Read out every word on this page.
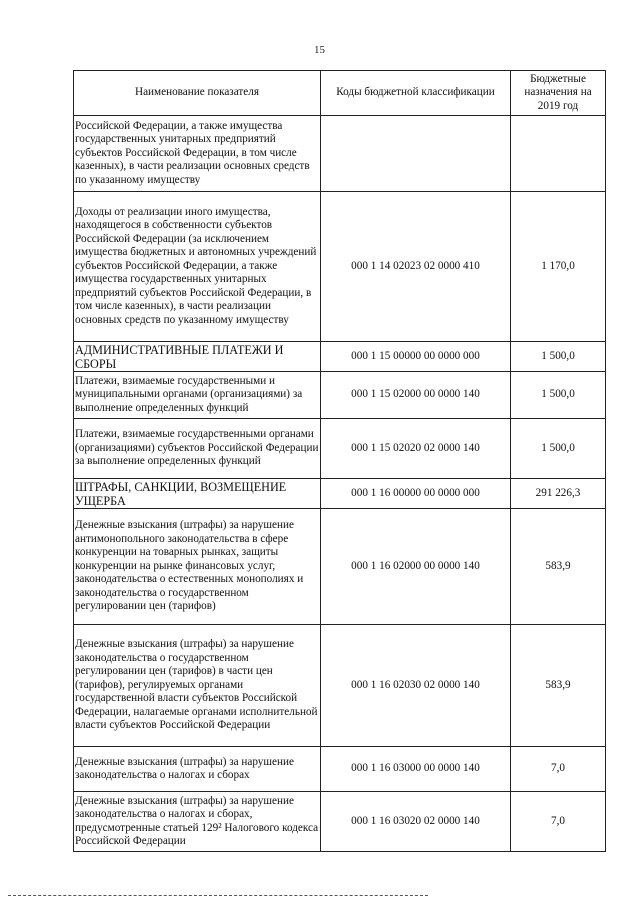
15
Наименование показателя	Коды бюджетной классификации	Бюджетные назначения на 2019 год
Российской Федерации, а также имущества государственных унитарных предприятий субъектов Российской Федерации, в том числе казенных), в части реализации основных средств по указанному имуществу		
Доходы от реализации иного имущества, находящегося в собственности субъектов Российской Федерации (за исключением имущества бюджетных и автономных учреждений субъектов Российской Федерации, а также имущества государственных унитарных предприятий субъектов Российской Федерации, в том числе казенных), в части реализации основных средств по указанному имуществу	000 1 14 02023 02 0000 410	1 170,0
АДМИНИСТРАТИВНЫЕ ПЛАТЕЖИ И СБОРЫ	000 1 15 00000 00 0000 000	1 500,0
Платежи, взимаемые государственными и муниципальными органами (организациями) за выполнение определенных функций	000 1 15 02000 00 0000 140	1 500,0
Платежи, взимаемые государственными органами (организациями) субъектов Российской Федерации за выполнение определенных функций	000 1 15 02020 02 0000 140	1 500,0
ШТРАФЫ, САНКЦИИ, ВОЗМЕЩЕНИЕ УЩЕРБА	000 1 16 00000 00 0000 000	291 226,3
Денежные взыскания (штрафы) за нарушение антимонопольного законодательства в сфере конкуренции на товарных рынках, защиты конкуренции на рынке финансовых услуг, законодательства о естественных монополиях и законодательства о государственном регулировании цен (тарифов)	000 1 16 02000 00 0000 140	583,9
Денежные взыскания (штрафы) за нарушение законодательства о государственном регулировании цен (тарифов) в части цен (тарифов), регулируемых органами государственной власти субъектов Российской Федерации, налагаемые органами исполнительной власти субъектов Российской Федерации	000 1 16 02030 02 0000 140	583,9
Денежные взыскания (штрафы) за нарушение законодательства о налогах и сборах	000 1 16 03000 00 0000 140	7,0
Денежные взыскания (штрафы) за нарушение законодательства о налогах и сборах, предусмотренные статьей 129² Налогового кодекса Российской Федерации	000 1 16 03020 02 0000 140	7,0
